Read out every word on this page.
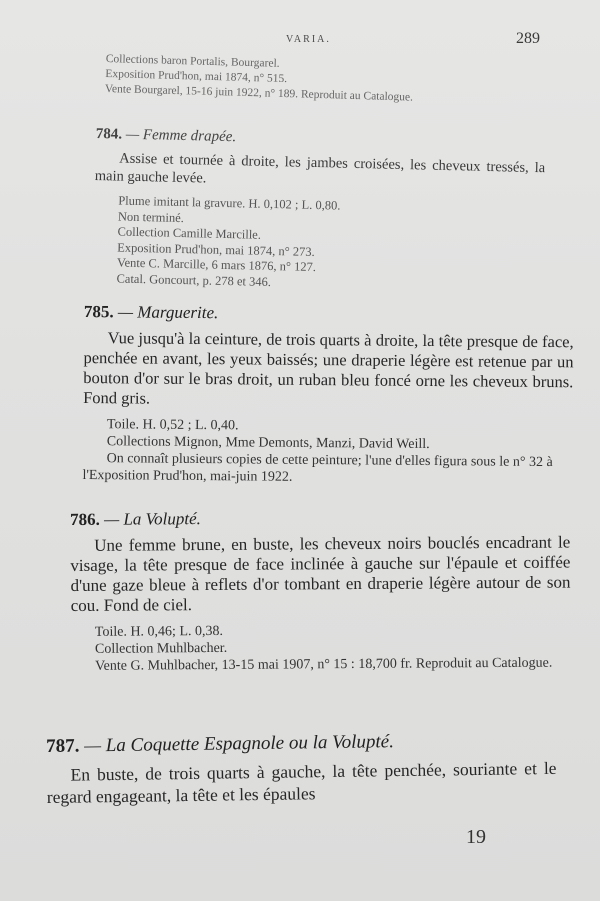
VARIA.	289

Collections baron Portalis, Bourgarel.

Exposition Prud'hon, mai 1874, n° 515.

Vente Bourgarel, 15-16 juin 1922, n° 189. Reproduit au Catalogue.

784. — Femme drapée.

Assise et tournée à droite, les jambes croisées, les cheveux tressés, la main gauche levée.

Plume imitant la gravure. H. 0,102 ; L. 0,80.

Non terminé.

Collection Camille Marcille.

Exposition Prud'hon, mai 1874, n° 273.

Vente C. Marcille, 6 mars 1876, n° 127.

Catal. Goncourt, p. 278 et 346.

785. — Marguerite.

Vue jusqu'à la ceinture, de trois quarts à droite, la tête presque de face, penchée en avant, les yeux baissés; une draperie légère est retenue par un bouton d'or sur le bras droit, un ruban bleu foncé orne les cheveux bruns. Fond gris.

Toile. H. 0,52 ; L. 0,40.

Collections Mignon, Mme Demonts, Manzi, David Weill.

On connaît plusieurs copies de cette peinture; l'une d'elles figura sous le n° 32 à l'Exposition Prud'hon, mai-juin 1922.

786. — La Volupté.

Une femme brune, en buste, les cheveux noirs bouclés encadrant le visage, la tête presque de face inclinée à gauche sur l'épaule et coiffée d'une gaze bleue à reflets d'or tombant en draperie légère autour de son cou. Fond de ciel.

Toile. H. 0,46; L. 0,38.

Collection Muhlbacher.

Vente G. Muhlbacher, 13-15 mai 1907, n° 15 : 18,700 fr. Reproduit au Catalogue.

787. — La Coquette Espagnole ou la Volupté.

En buste, de trois quarts à gauche, la tête penchée, souriante et le regard engageant, la tête et les épaules

19
